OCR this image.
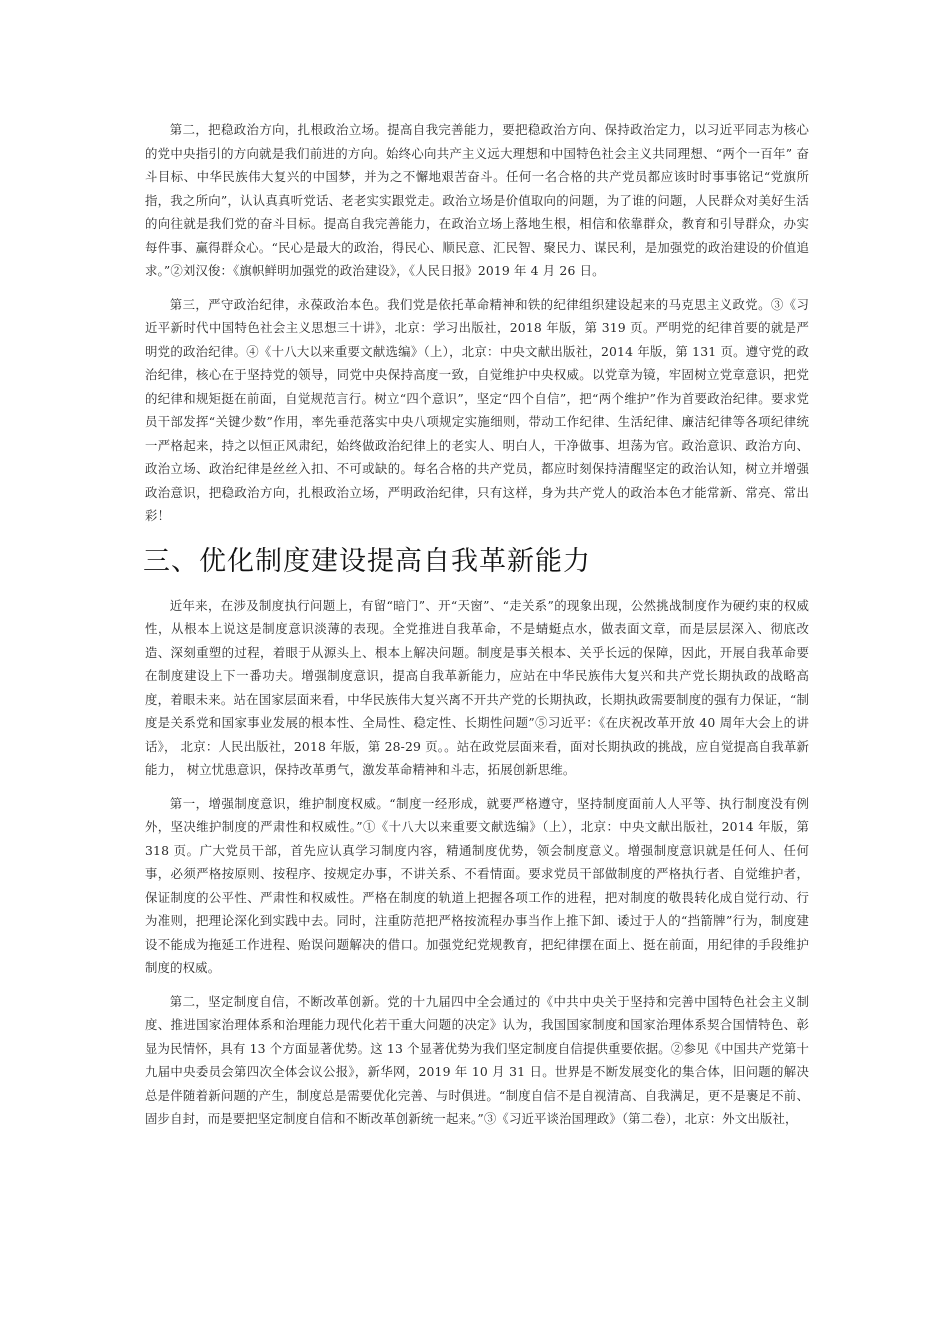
第二，把稳政治方向，扎根政治立场。提高自我完善能力，要把稳政治方向、保持政治定力，以习近平同志为核心的党中央指引的方向就是我们前进的方向。始终心向共产主义远大理想和中国特色社会主义共同理想、“两个一百年” 奋斗目标、中华民族伟大复兴的中国梦，并为之不懈地艰苦奋斗。任何一名合格的共产党员都应该时时事事铭记“党旗所指，我之所向”，认认真真听党话、老老实实跟党走。政治立场是价值取向的问题，为了谁的问题，人民群众对美好生活的向往就是我们党的奋斗目标。提高自我完善能力，在政治立场上落地生根，相信和依靠群众，教育和引导群众，办实 每件事、赢得群众心。“民心是最大的政治，得民心、顺民意、汇民智、聚民力、谋民利，是加强党的政治建设的价值追求。”②刘汉俊：《旗帜鲜明加强党的政治建设》，《人民日报》2019 年 4 月 26 日。

第三，严守政治纪律，永葆政治本色。我们党是依托革命精神和铁的纪律组织建设起来的马克思主义政党。③《习近平新时代中国特色社会主义思想三十讲》，北京：学习出版社，2018 年版，第 319 页。严明党的纪律首要的就是严明党的政治纪律。④《十八大以来重要文献选编》（上），北京：中央文献出版社，2014 年版，第 131 页。遵守党的政治纪律，核心在于坚持党的领导，同党中央保持高度一致，自觉维护中央权威。以党章为镜，牢固树立党章意识，把党的纪律和规矩挺在前面，自觉规范言行。树立“四个意识”，坚定“四个自信”，把“两个维护”作为首要政治纪律。要求党员干部发挥“关键少数”作用，率先垂范落实中央八项规定实施细则，带动工作纪律、生活纪律、廉洁纪律等各项纪律统一严格起来，持之以恒正风肃纪，始终做政治纪律上的老实人、明白人，干净做事、坦荡为官。政治意识、政治方向、政治立场、政治纪律是丝丝入扣、不可或缺的。每名合格的共产党员，都应时刻保持清醒坚定的政治认知，树立并增强政治意识，把稳政治方向，扎根政治立场，严明政治纪律，只有这样，身为共产党人的政治本色才能常新、常亮、常出彩！

三、优化制度建设提高自我革新能力

近年来，在涉及制度执行问题上，有留“暗门”、开“天窗”、“走关系”的现象出现，公然挑战制度作为硬约束的权威 性，从根本上说这是制度意识淡薄的表现。全党推进自我革命，不是蜻蜓点水，做表面文章，而是层层深入、彻底改造、深刻重塑的过程，着眼于从源头上、根本上解决问题。制度是事关根本、关乎长远的保障，因此，开展自我革命要在制度建设上下一番功夫。增强制度意识，提高自我革新能力，应站在中华民族伟大复兴和共产党长期执政的战略高度，着眼未来。站在国家层面来看，中华民族伟大复兴离不开共产党的长期执政，长期执政需要制度的强有力保证，“制度是关系党和国家事业发展的根本性、全局性、稳定性、长期性问题”⑤习近平：《在庆祝改革开放 40 周年大会上的讲话》， 北京：人民出版社，2018 年版，第 28-29 页。。站在政党层面来看，面对长期执政的挑战，应自觉提高自我革新能力， 树立忧患意识，保持改革勇气，激发革命精神和斗志，拓展创新思维。

第一，增强制度意识，维护制度权威。“制度一经形成，就要严格遵守，坚持制度面前人人平等、执行制度没有例外，坚决维护制度的严肃性和权威性。”①《十八大以来重要文献选编》（上），北京：中央文献出版社，2014 年版，第 318 页。广大党员干部，首先应认真学习制度内容，精通制度优势，领会制度意义。增强制度意识就是任何人、任何事，必须严格按原则、按程序、按规定办事，不讲关系、不看情面。要求党员干部做制度的严格执行者、自觉维护者， 保证制度的公平性、严肃性和权威性。严格在制度的轨道上把握各项工作的进程，把对制度的敬畏转化成自觉行动、行为准则，把理论深化到实践中去。同时，注重防范把严格按流程办事当作上推下卸、诿过于人的“挡箭牌”行为，制度建设不能成为拖延工作进程、贻误问题解决的借口。加强党纪党规教育，把纪律摆在面上、挺在前面，用纪律的手段维护制度的权威。

第二，坚定制度自信，不断改革创新。党的十九届四中全会通过的《中共中央关于坚持和完善中国特色社会主义制度、推进国家治理体系和治理能力现代化若干重大问题的决定》认为，我国国家制度和国家治理体系契合国情特色、彰显为民情怀，具有 13 个方面显著优势。这 13 个显著优势为我们坚定制度自信提供重要依据。②参见《中国共产党第十九届中央委员会第四次全体会议公报》，新华网，2019 年 10 月 31 日。世界是不断发展变化的集合体，旧问题的解决总是伴随着新问题的产生，制度总是需要优化完善、与时俱进。“制度自信不是自视清高、自我满足，更不是裹足不前、固步自封，而是要把坚定制度自信和不断改革创新统一起来。”③《习近平谈治国理政》（第二卷），北京：外文出版社，
